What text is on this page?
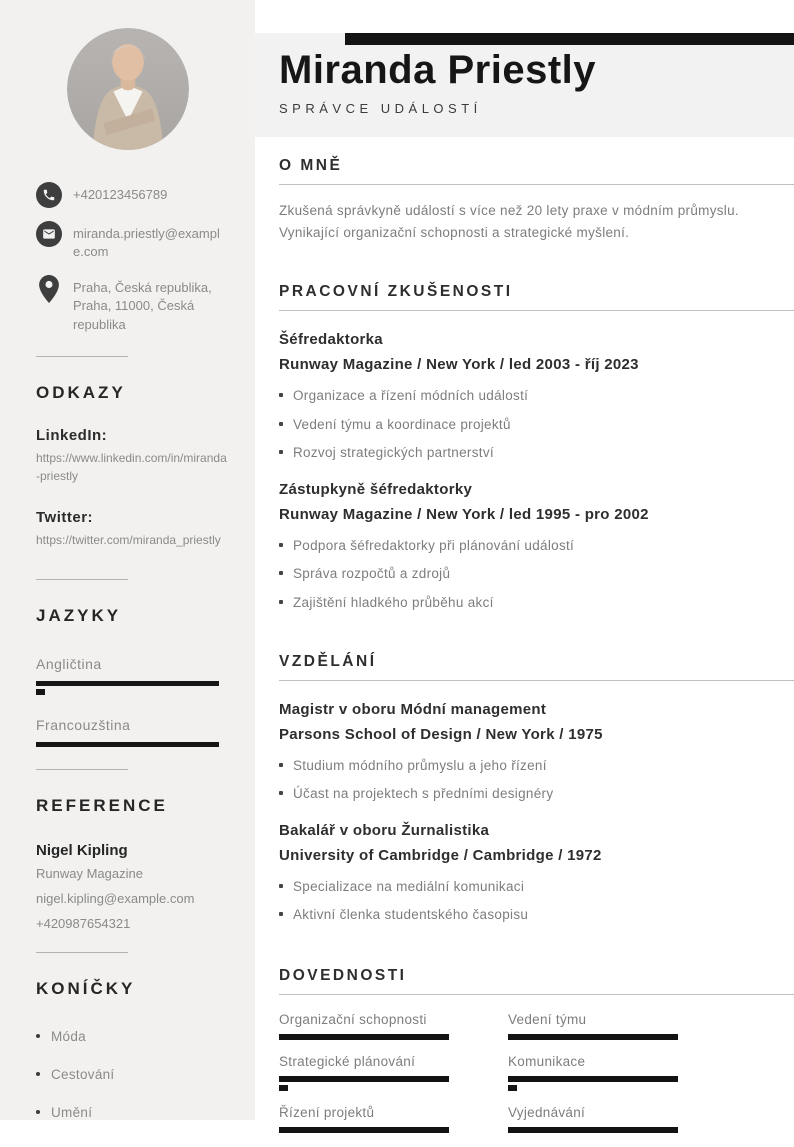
+420123456789
miranda.priestly@example.com
Praha, Česká republika, Praha, 11000, Česká republika
ODKAZY
LinkedIn:
https://www.linkedin.com/in/miranda-priestly
Twitter:
https://twitter.com/miranda_priestly
JAZYKY
Angličtina
Francouzština
REFERENCE
Nigel Kipling
Runway Magazine
nigel.kipling@example.com
+420987654321
KONÍČKY
Móda
Cestování
Umění
Miranda Priestly
SPRÁVCE UDÁLOSTÍ
O MNĚ

Zkušená správkyně událostí s více než 20 lety praxe v módním průmyslu. Vynikající organizační schopnosti a strategické myšlení.

PRACOVNÍ ZKUŠENOSTI
Šéfredaktorka
Runway Magazine / New York / led 2003 - říj 2023
Organizace a řízení módních událostí
Vedení týmu a koordinace projektů
Rozvoj strategických partnerství
Zástupkyně šéfredaktorky
Runway Magazine / New York / led 1995 - pro 2002
Podpora šéfredaktorky při plánování událostí
Správa rozpočtů a zdrojů
Zajištění hladkého průběhu akcí
VZDĚLÁNÍ
Magistr v oboru Módní management
Parsons School of Design / New York / 1975
Studium módního průmyslu a jeho řízení
Účast na projektech s předními designéry
Bakalář v oboru Žurnalistika
University of Cambridge / Cambridge / 1972
Specializace na mediální komunikaci
Aktivní členka studentského časopisu
DOVEDNOSTI
Organizační schopnosti	Vedení týmu
Strategické plánování	Komunikace
Řízení projektů	Vyjednávání
